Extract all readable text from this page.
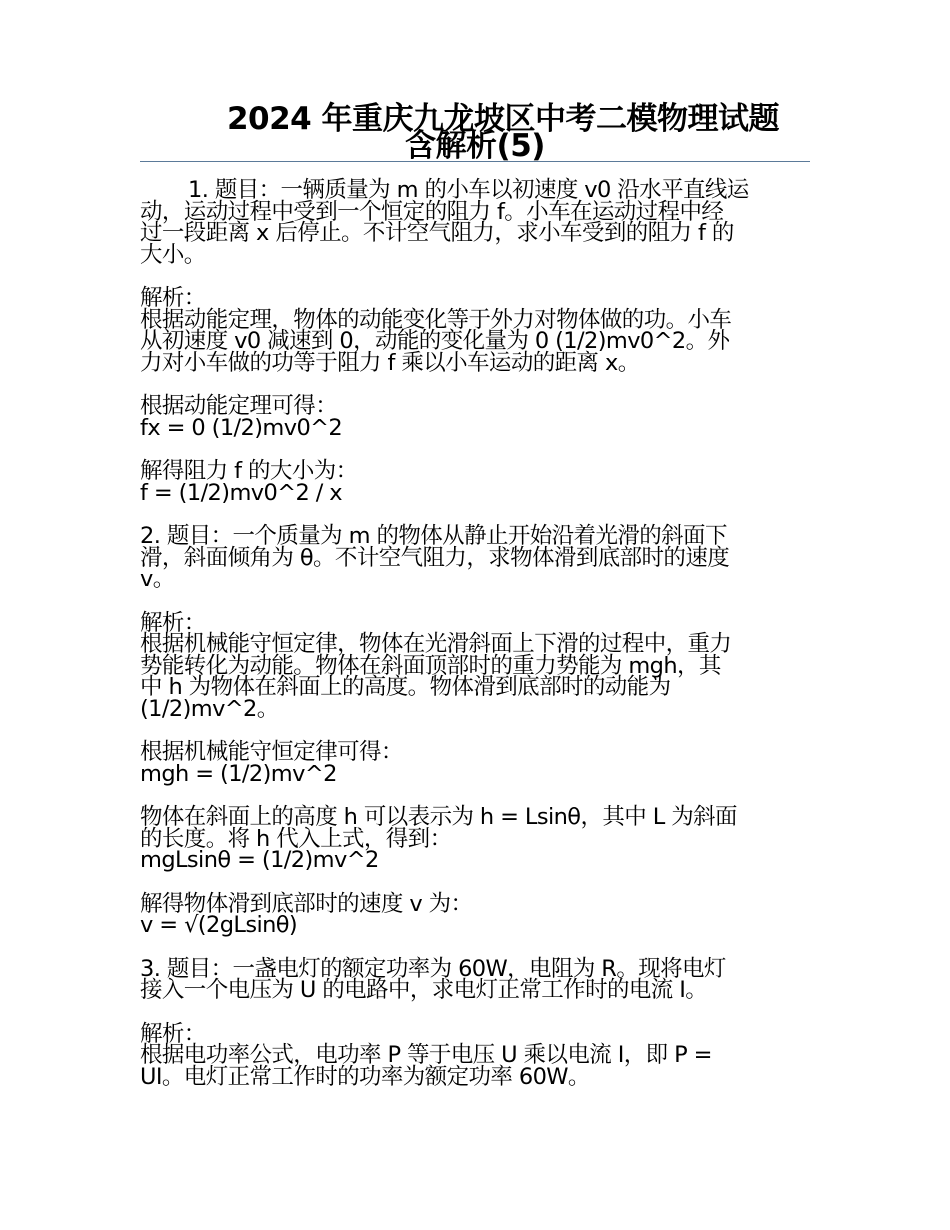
2024 年重庆九龙坡区中考二模物理试题
含解析(5)
1. 题目：一辆质量为 m 的小车以初速度 v0 沿水平直线运
动，运动过程中受到一个恒定的阻力 f。小车在运动过程中经
过一段距离 x 后停止。不计空气阻力，求小车受到的阻力 f 的
大小。
解析：
根据动能定理，物体的动能变化等于外力对物体做的功。小车
从初速度 v0 减速到 0，动能的变化量为 0 (1/2)mv0^2。外
力对小车做的功等于阻力 f 乘以小车运动的距离 x。
根据动能定理可得：
fx = 0 (1/2)mv0^2
解得阻力 f 的大小为：
f = (1/2)mv0^2 / x
2. 题目：一个质量为 m 的物体从静止开始沿着光滑的斜面下
滑，斜面倾角为 θ。不计空气阻力，求物体滑到底部时的速度
v。
解析：
根据机械能守恒定律，物体在光滑斜面上下滑的过程中，重力
势能转化为动能。物体在斜面顶部时的重力势能为 mgh，其
中 h 为物体在斜面上的高度。物体滑到底部时的动能为
(1/2)mv^2。
根据机械能守恒定律可得：
mgh = (1/2)mv^2
物体在斜面上的高度 h 可以表示为 h = Lsinθ，其中 L 为斜面
的长度。将 h 代入上式，得到：
mgLsinθ = (1/2)mv^2
解得物体滑到底部时的速度 v 为：
v = √(2gLsinθ)
3. 题目：一盏电灯的额定功率为 60W，电阻为 R。现将电灯
接入一个电压为 U 的电路中，求电灯正常工作时的电流 I。
解析：
根据电功率公式，电功率 P 等于电压 U 乘以电流 I，即 P =
UI。电灯正常工作时的功率为额定功率 60W。
